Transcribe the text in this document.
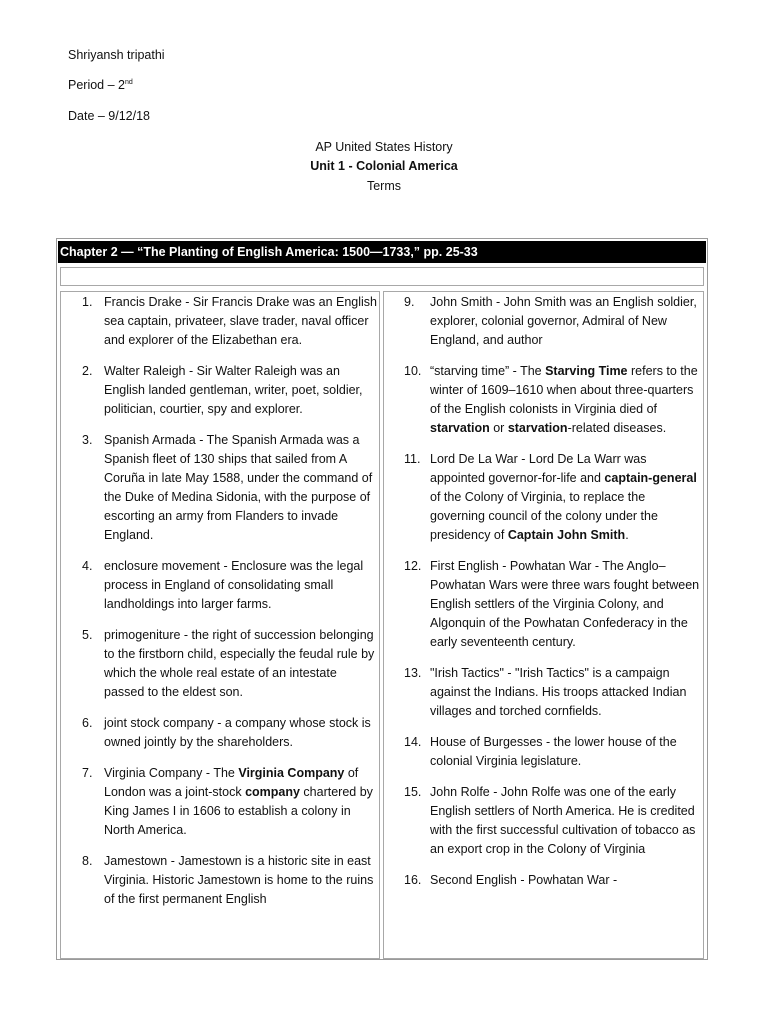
Shriyansh tripathi
Period – 2nd
Date – 9/12/18
AP United States History
Unit 1 - Colonial America
Terms
Chapter 2 — “The Planting of English America: 1500—1733,” pp. 25-33
1. Francis Drake - Sir Francis Drake was an English sea captain, privateer, slave trader, naval officer and explorer of the Elizabethan era.
2. Walter Raleigh - Sir Walter Raleigh was an English landed gentleman, writer, poet, soldier, politician, courtier, spy and explorer.
3. Spanish Armada - The Spanish Armada was a Spanish fleet of 130 ships that sailed from A Coruña in late May 1588, under the command of the Duke of Medina Sidonia, with the purpose of escorting an army from Flanders to invade England.
4. enclosure movement - Enclosure was the legal process in England of consolidating small landholdings into larger farms.
5. primogeniture - the right of succession belonging to the firstborn child, especially the feudal rule by which the whole real estate of an intestate passed to the eldest son.
6. joint stock company - a company whose stock is owned jointly by the shareholders.
7. Virginia Company - The Virginia Company of London was a joint-stock company chartered by King James I in 1606 to establish a colony in North America.
8. Jamestown - Jamestown is a historic site in east Virginia. Historic Jamestown is home to the ruins of the first permanent English
9.	John Smith - John Smith was an English soldier, explorer, colonial governor, Admiral of New England, and author
10. “starving time” - The Starving Time refers to the winter of 1609–1610 when about three-quarters of the English colonists in Virginia died of starvation or starvation-related diseases.
11. Lord De La War - Lord De La Warr was appointed governor-for-life and captain-general of the Colony of Virginia, to replace the governing council of the colony under the presidency of Captain John Smith.
12. First English - Powhatan War - The Anglo–Powhatan Wars were three wars fought between English settlers of the Virginia Colony, and Algonquin of the Powhatan Confederacy in the early seventeenth century.
13. "Irish Tactics" - "Irish Tactics" is a campaign against the Indians. His troops attacked Indian villages and torched cornfields.
14. House of Burgesses - the lower house of the colonial Virginia legislature.
15. John Rolfe - John Rolfe was one of the early English settlers of North America. He is credited with the first successful cultivation of tobacco as an export crop in the Colony of Virginia
16. Second English - Powhatan War -
